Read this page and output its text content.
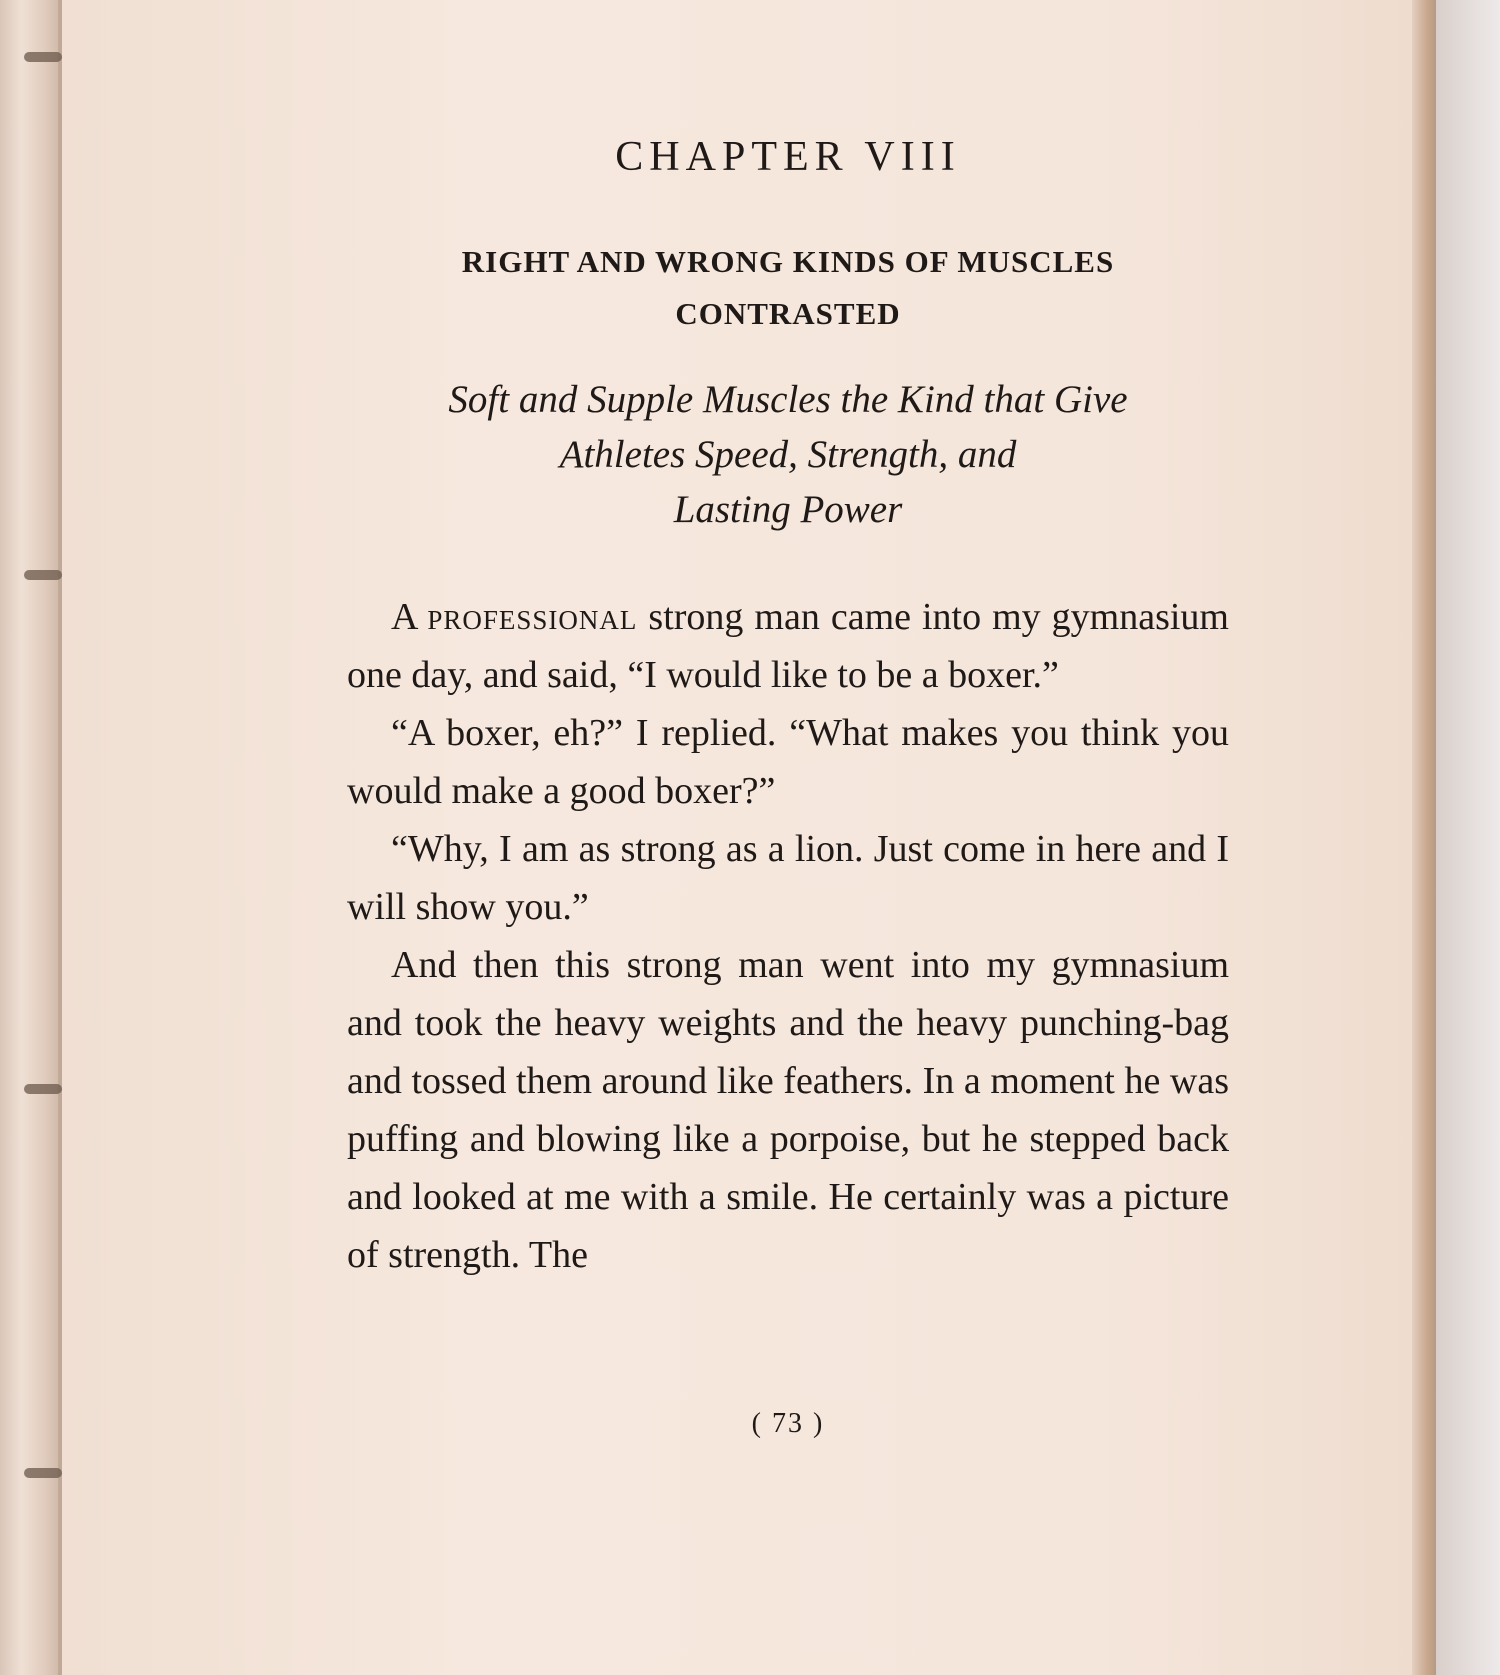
CHAPTER VIII
RIGHT AND WRONG KINDS OF MUSCLES
CONTRASTED

Soft and Supple Muscles the Kind that Give
Athletes Speed, Strength, and
Lasting Power

A professional strong man came into my gymnasium one day, and said, “I would like to be a boxer.”

“A boxer, eh?” I replied. “What makes you think you would make a good boxer?”

“Why, I am as strong as a lion. Just come in here and I will show you.”

And then this strong man went into my gymnasium and took the heavy weights and the heavy punching-bag and tossed them around like feathers. In a moment he was puffing and blowing like a porpoise, but he stepped back and looked at me with a smile. He certainly was a picture of strength. The

( 73 )
